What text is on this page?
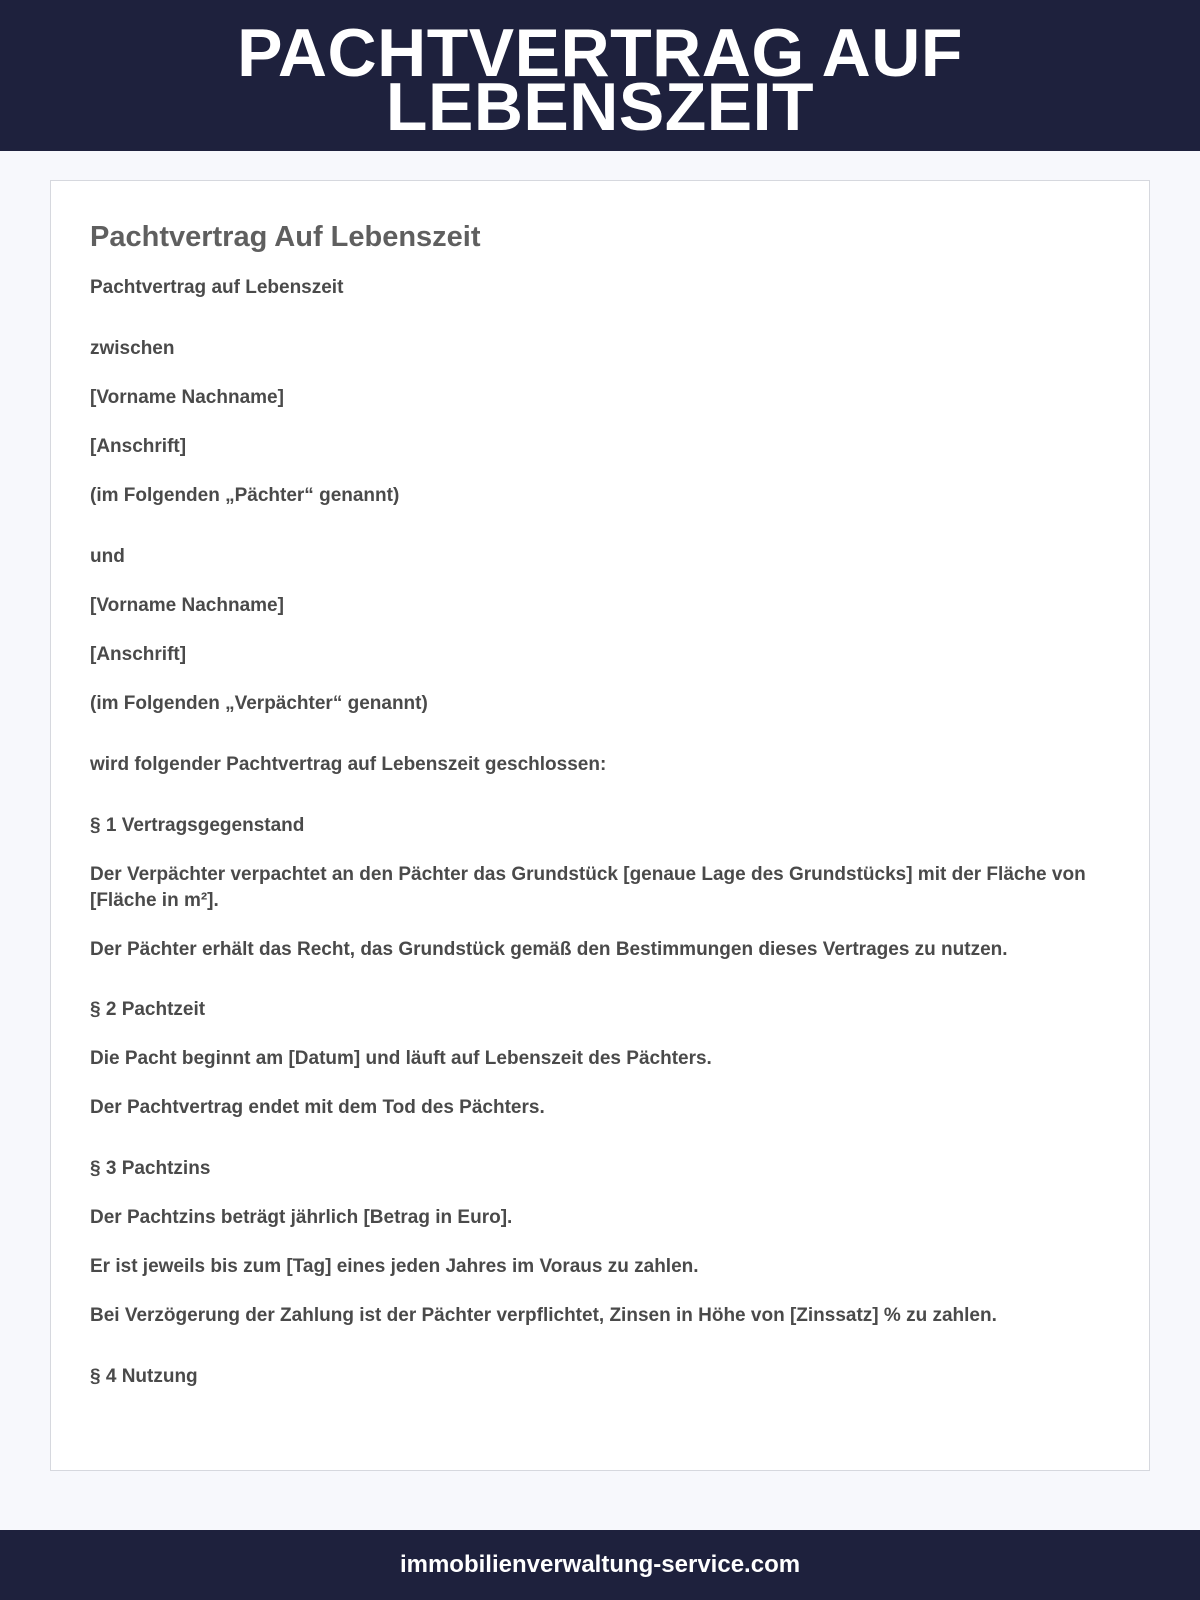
PACHTVERTRAG AUF LEBENSZEIT
Pachtvertrag Auf Lebenszeit

Pachtvertrag auf Lebenszeit

zwischen

[Vorname Nachname]

[Anschrift]

(im Folgenden „Pächter“ genannt)

und

[Vorname Nachname]

[Anschrift]

(im Folgenden „Verpächter“ genannt)

wird folgender Pachtvertrag auf Lebenszeit geschlossen:

§ 1 Vertragsgegenstand

Der Verpächter verpachtet an den Pächter das Grundstück [genaue Lage des Grundstücks] mit der Fläche von [Fläche in m²].

Der Pächter erhält das Recht, das Grundstück gemäß den Bestimmungen dieses Vertrages zu nutzen.

§ 2 Pachtzeit

Die Pacht beginnt am [Datum] und läuft auf Lebenszeit des Pächters.

Der Pachtvertrag endet mit dem Tod des Pächters.

§ 3 Pachtzins

Der Pachtzins beträgt jährlich [Betrag in Euro].

Er ist jeweils bis zum [Tag] eines jeden Jahres im Voraus zu zahlen.

Bei Verzögerung der Zahlung ist der Pächter verpflichtet, Zinsen in Höhe von [Zinssatz] % zu zahlen.

§ 4 Nutzung

immobilienverwaltung-service.com
